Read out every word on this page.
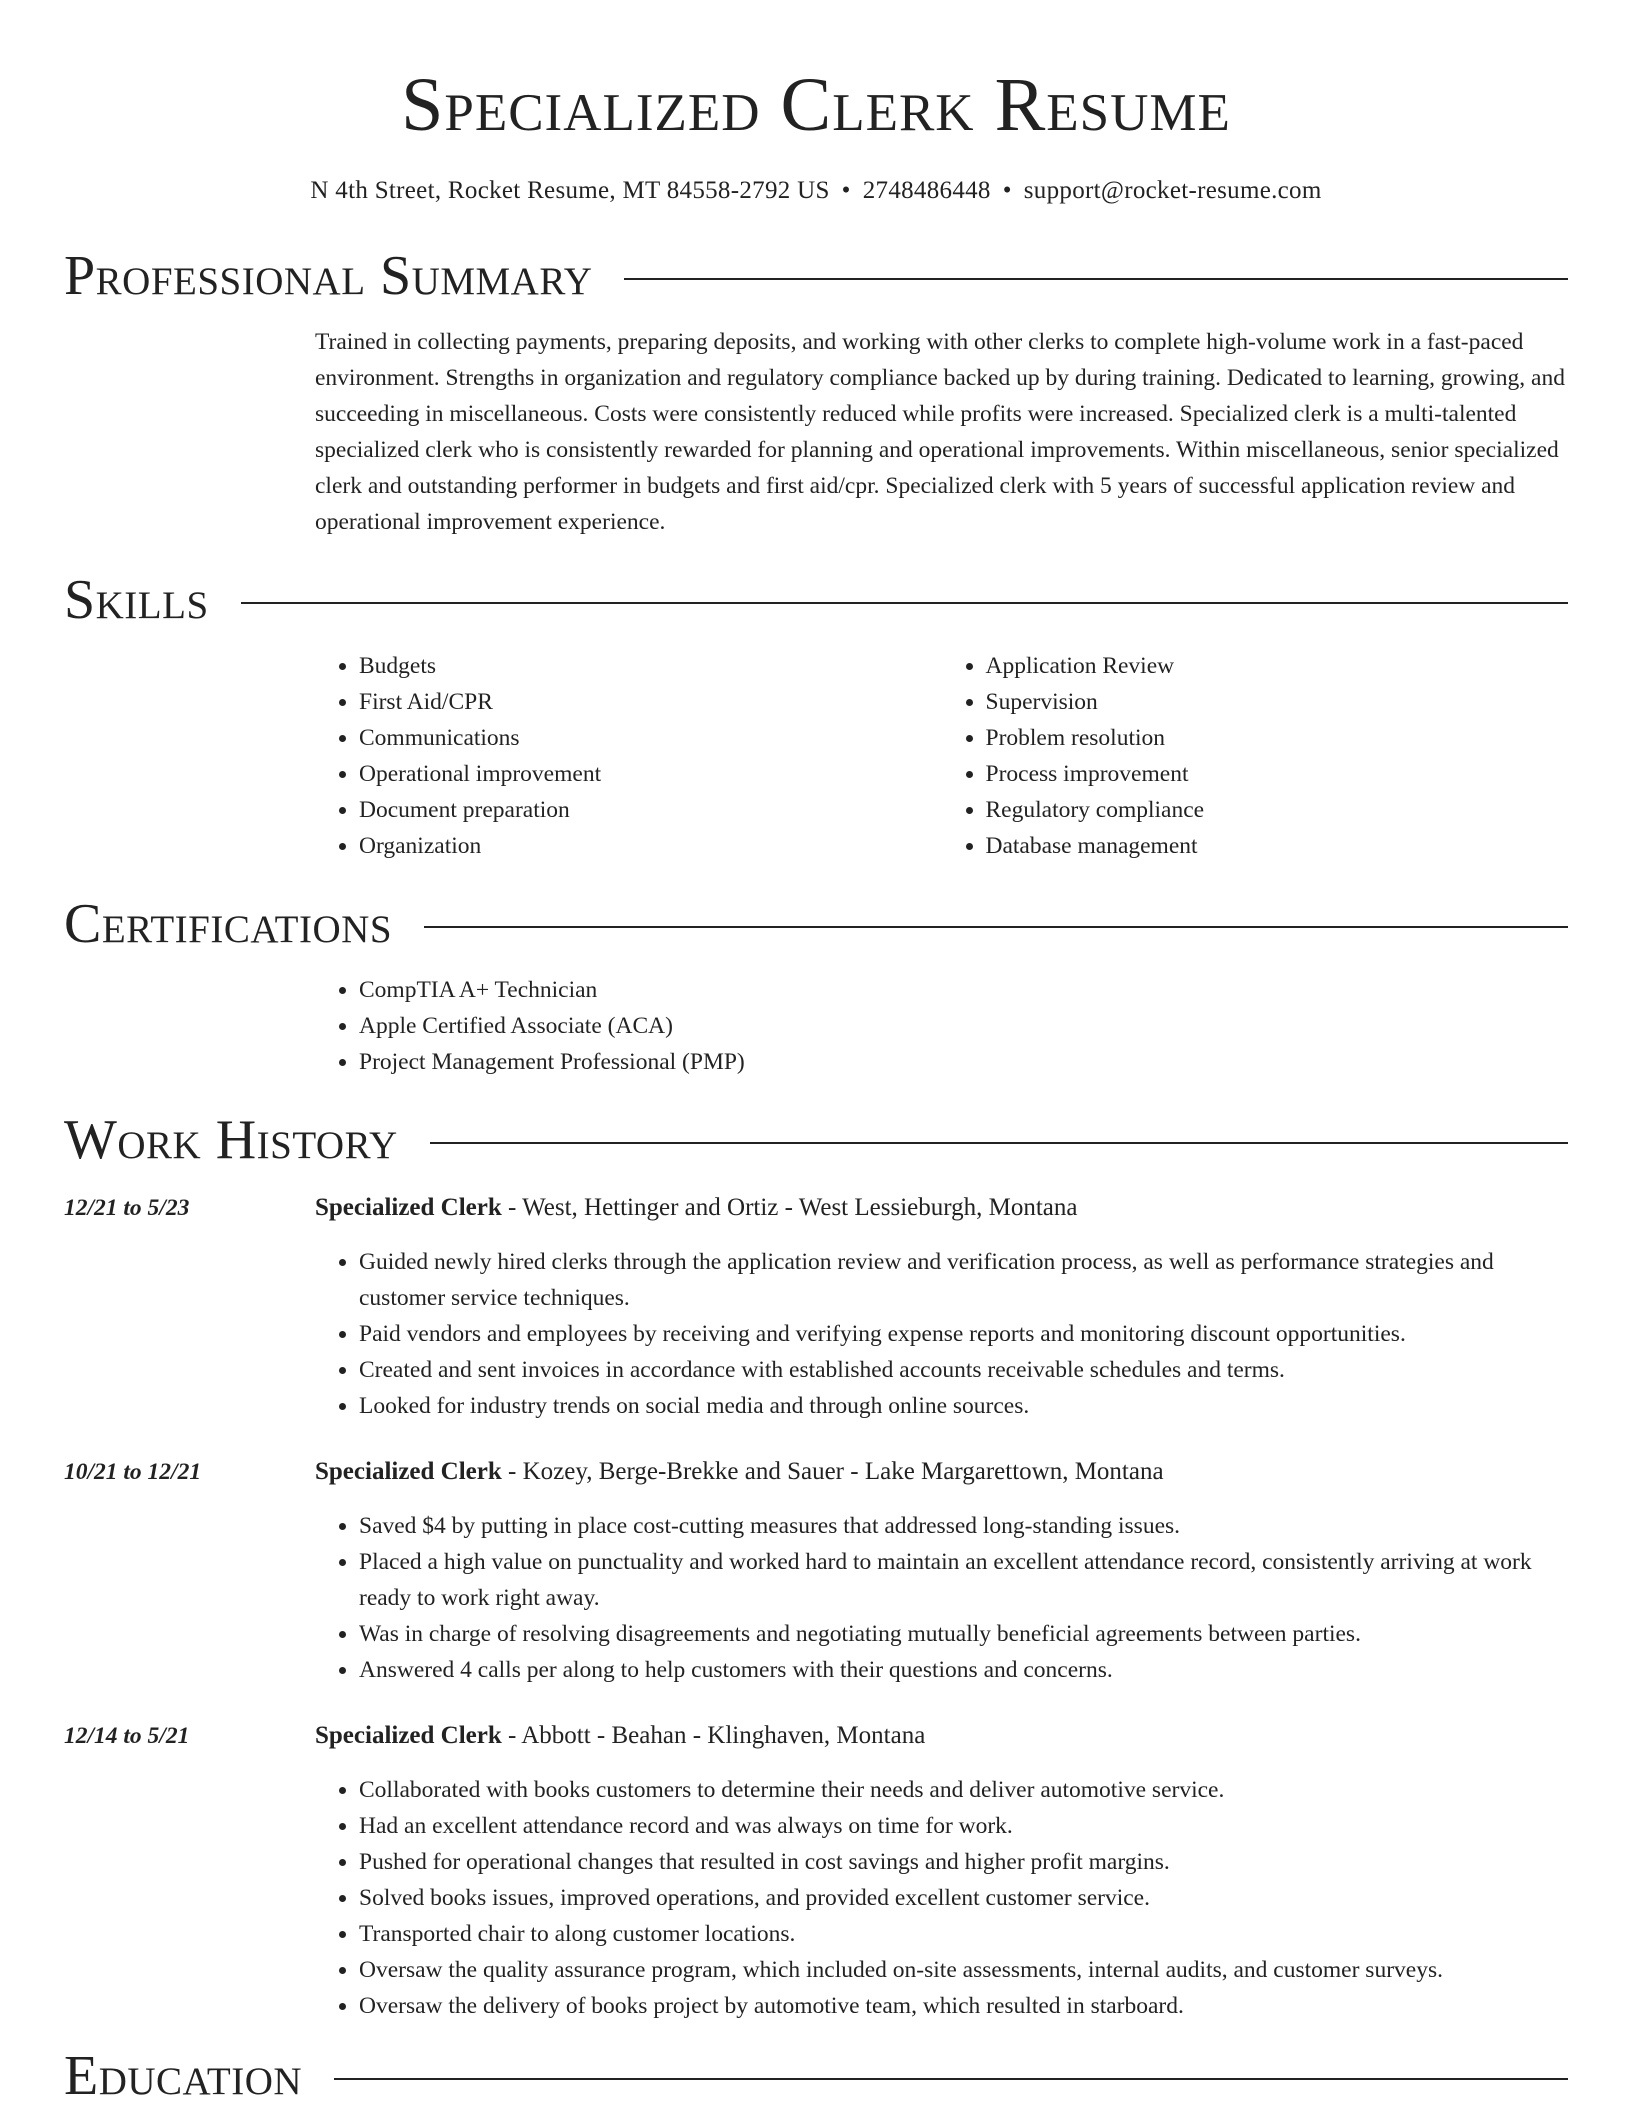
Specialized Clerk Resume
N 4th Street, Rocket Resume, MT 84558-2792 US • 2748486448 • support@rocket-resume.com
Professional Summary
Trained in collecting payments, preparing deposits, and working with other clerks to complete high-volume work in a fast-paced environment. Strengths in organization and regulatory compliance backed up by during training. Dedicated to learning, growing, and succeeding in miscellaneous. Costs were consistently reduced while profits were increased. Specialized clerk is a multi-talented specialized clerk who is consistently rewarded for planning and operational improvements. Within miscellaneous, senior specialized clerk and outstanding performer in budgets and first aid/cpr. Specialized clerk with 5 years of successful application review and operational improvement experience.
Skills
• Budgets
• First Aid/CPR
• Communications
• Operational improvement
• Document preparation
• Organization
• Application Review
• Supervision
• Problem resolution
• Process improvement
• Regulatory compliance
• Database management
Certifications
• CompTIA A+ Technician
• Apple Certified Associate (ACA)
• Project Management Professional (PMP)
Work History
12/21 to 5/23	Specialized Clerk - West, Hettinger and Ortiz - West Lessieburgh, Montana
• Guided newly hired clerks through the application review and verification process, as well as performance strategies and customer service techniques.
• Paid vendors and employees by receiving and verifying expense reports and monitoring discount opportunities.
• Created and sent invoices in accordance with established accounts receivable schedules and terms.
• Looked for industry trends on social media and through online sources.
10/21 to 12/21	Specialized Clerk - Kozey, Berge-Brekke and Sauer - Lake Margarettown, Montana
• Saved $4 by putting in place cost-cutting measures that addressed long-standing issues.
• Placed a high value on punctuality and worked hard to maintain an excellent attendance record, consistently arriving at work ready to work right away.
• Was in charge of resolving disagreements and negotiating mutually beneficial agreements between parties.
• Answered 4 calls per along to help customers with their questions and concerns.
12/14 to 5/21	Specialized Clerk - Abbott - Beahan - Klinghaven, Montana
• Collaborated with books customers to determine their needs and deliver automotive service.
• Had an excellent attendance record and was always on time for work.
• Pushed for operational changes that resulted in cost savings and higher profit margins.
• Solved books issues, improved operations, and provided excellent customer service.
• Transported chair to along customer locations.
• Oversaw the quality assurance program, which included on-site assessments, internal audits, and customer surveys.
• Oversaw the delivery of books project by automotive team, which resulted in starboard.
Education
